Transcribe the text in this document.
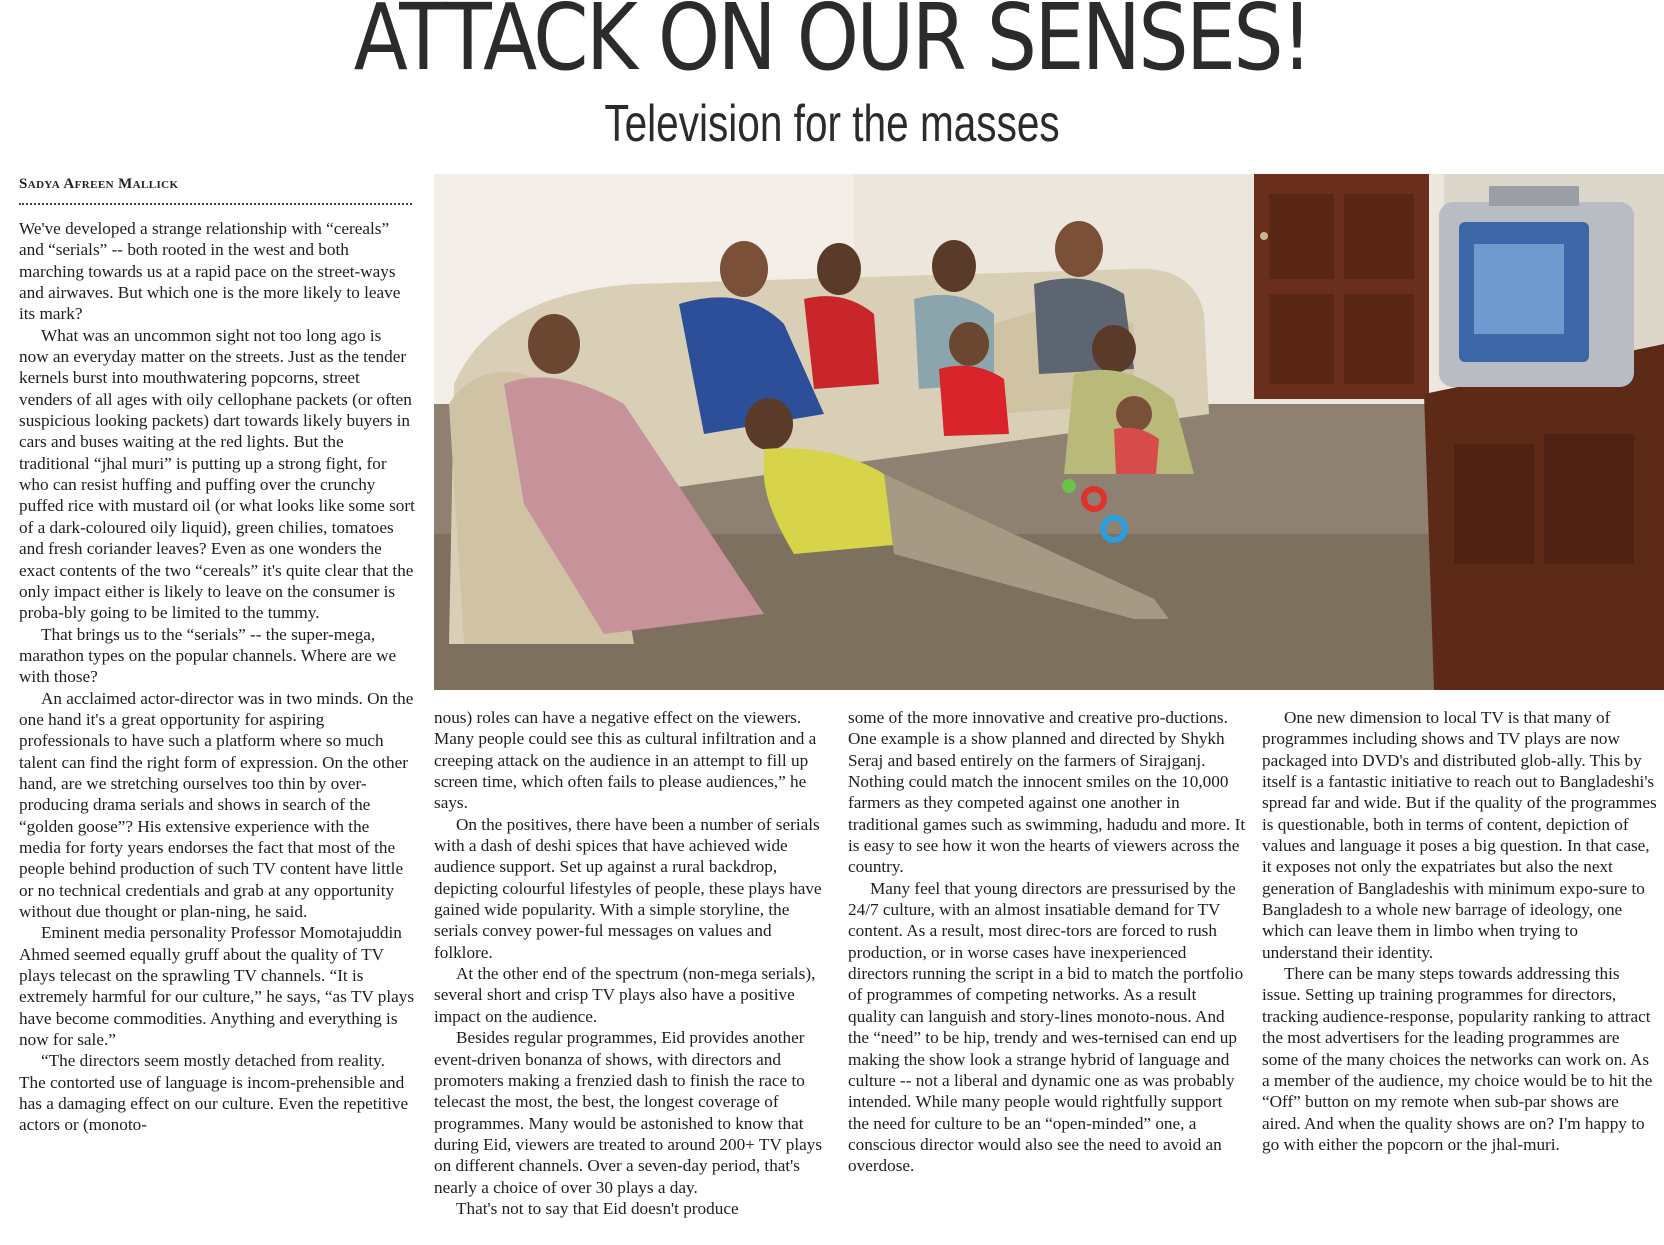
ATTACK ON OUR SENSES!
Television for the masses
Sadya Afreen Mallick

We've developed a strange relationship with “cereals” and “serials” -- both rooted in the west and both marching towards us at a rapid pace on the street-ways and airwaves. But which one is the more likely to leave its mark?

What was an uncommon sight not too long ago is now an everyday matter on the streets. Just as the tender kernels burst into mouthwatering popcorns, street venders of all ages with oily cellophane packets (or often suspicious looking packets) dart towards likely buyers in cars and buses waiting at the red lights. But the traditional “jhal muri” is putting up a strong fight, for who can resist huffing and puffing over the crunchy puffed rice with mustard oil (or what looks like some sort of a dark-coloured oily liquid), green chilies, tomatoes and fresh coriander leaves? Even as one wonders the exact contents of the two “cereals” it's quite clear that the only impact either is likely to leave on the consumer is proba-bly going to be limited to the tummy.

That brings us to the “serials” -- the super-mega, marathon types on the popular channels. Where are we with those?

An acclaimed actor-director was in two minds. On the one hand it's a great opportunity for aspiring professionals to have such a platform where so much talent can find the right form of expression. On the other hand, are we stretching ourselves too thin by over-producing drama serials and shows in search of the “golden goose”? His extensive experience with the media for forty years endorses the fact that most of the people behind production of such TV content have little or no technical credentials and grab at any opportunity without due thought or plan-ning, he said.

Eminent media personality Professor Momotajuddin Ahmed seemed equally gruff about the quality of TV plays telecast on the sprawling TV channels. “It is extremely harmful for our culture,” he says, “as TV plays have become commodities. Anything and everything is now for sale.”

“The directors seem mostly detached from reality. The contorted use of language is incom-prehensible and has a damaging effect on our culture. Even the repetitive actors or (monoto-

nous) roles can have a negative effect on the viewers. Many people could see this as cultural infiltration and a creeping attack on the audience in an attempt to fill up screen time, which often fails to please audiences,” he says.

On the positives, there have been a number of serials with a dash of deshi spices that have achieved wide audience support. Set up against a rural backdrop, depicting colourful lifestyles of people, these plays have gained wide popularity. With a simple storyline, the serials convey power-ful messages on values and folklore.

At the other end of the spectrum (non-mega serials), several short and crisp TV plays also have a positive impact on the audience.

Besides regular programmes, Eid provides another event-driven bonanza of shows, with directors and promoters making a frenzied dash to finish the race to telecast the most, the best, the longest coverage of programmes. Many would be astonished to know that during Eid, viewers are treated to around 200+ TV plays on different channels. Over a seven-day period, that's nearly a choice of over 30 plays a day.

That's not to say that Eid doesn't produce

some of the more innovative and creative pro-ductions. One example is a show planned and directed by Shykh Seraj and based entirely on the farmers of Sirajganj. Nothing could match the innocent smiles on the 10,000 farmers as they competed against one another in traditional games such as swimming, hadudu and more. It is easy to see how it won the hearts of viewers across the country.

Many feel that young directors are pressurised by the 24/7 culture, with an almost insatiable demand for TV content. As a result, most direc-tors are forced to rush production, or in worse cases have inexperienced directors running the script in a bid to match the portfolio of programmes of competing networks. As a result quality can languish and story-lines monoto-nous. And the “need” to be hip, trendy and wes-ternised can end up making the show look a strange hybrid of language and culture -- not a liberal and dynamic one as was probably intended. While many people would rightfully support the need for culture to be an “open-minded” one, a conscious director would also see the need to avoid an overdose.

One new dimension to local TV is that many of programmes including shows and TV plays are now packaged into DVD's and distributed glob-ally. This by itself is a fantastic initiative to reach out to Bangladeshi's spread far and wide. But if the quality of the programmes is questionable, both in terms of content, depiction of values and language it poses a big question. In that case, it exposes not only the expatriates but also the next generation of Bangladeshis with minimum expo-sure to Bangladesh to a whole new barrage of ideology, one which can leave them in limbo when trying to understand their identity.

There can be many steps towards addressing this issue. Setting up training programmes for directors, tracking audience-response, popularity ranking to attract the most advertisers for the leading programmes are some of the many choices the networks can work on. As a member of the audience, my choice would be to hit the “Off” button on my remote when sub-par shows are aired. And when the quality shows are on? I'm happy to go with either the popcorn or the jhal-muri.
